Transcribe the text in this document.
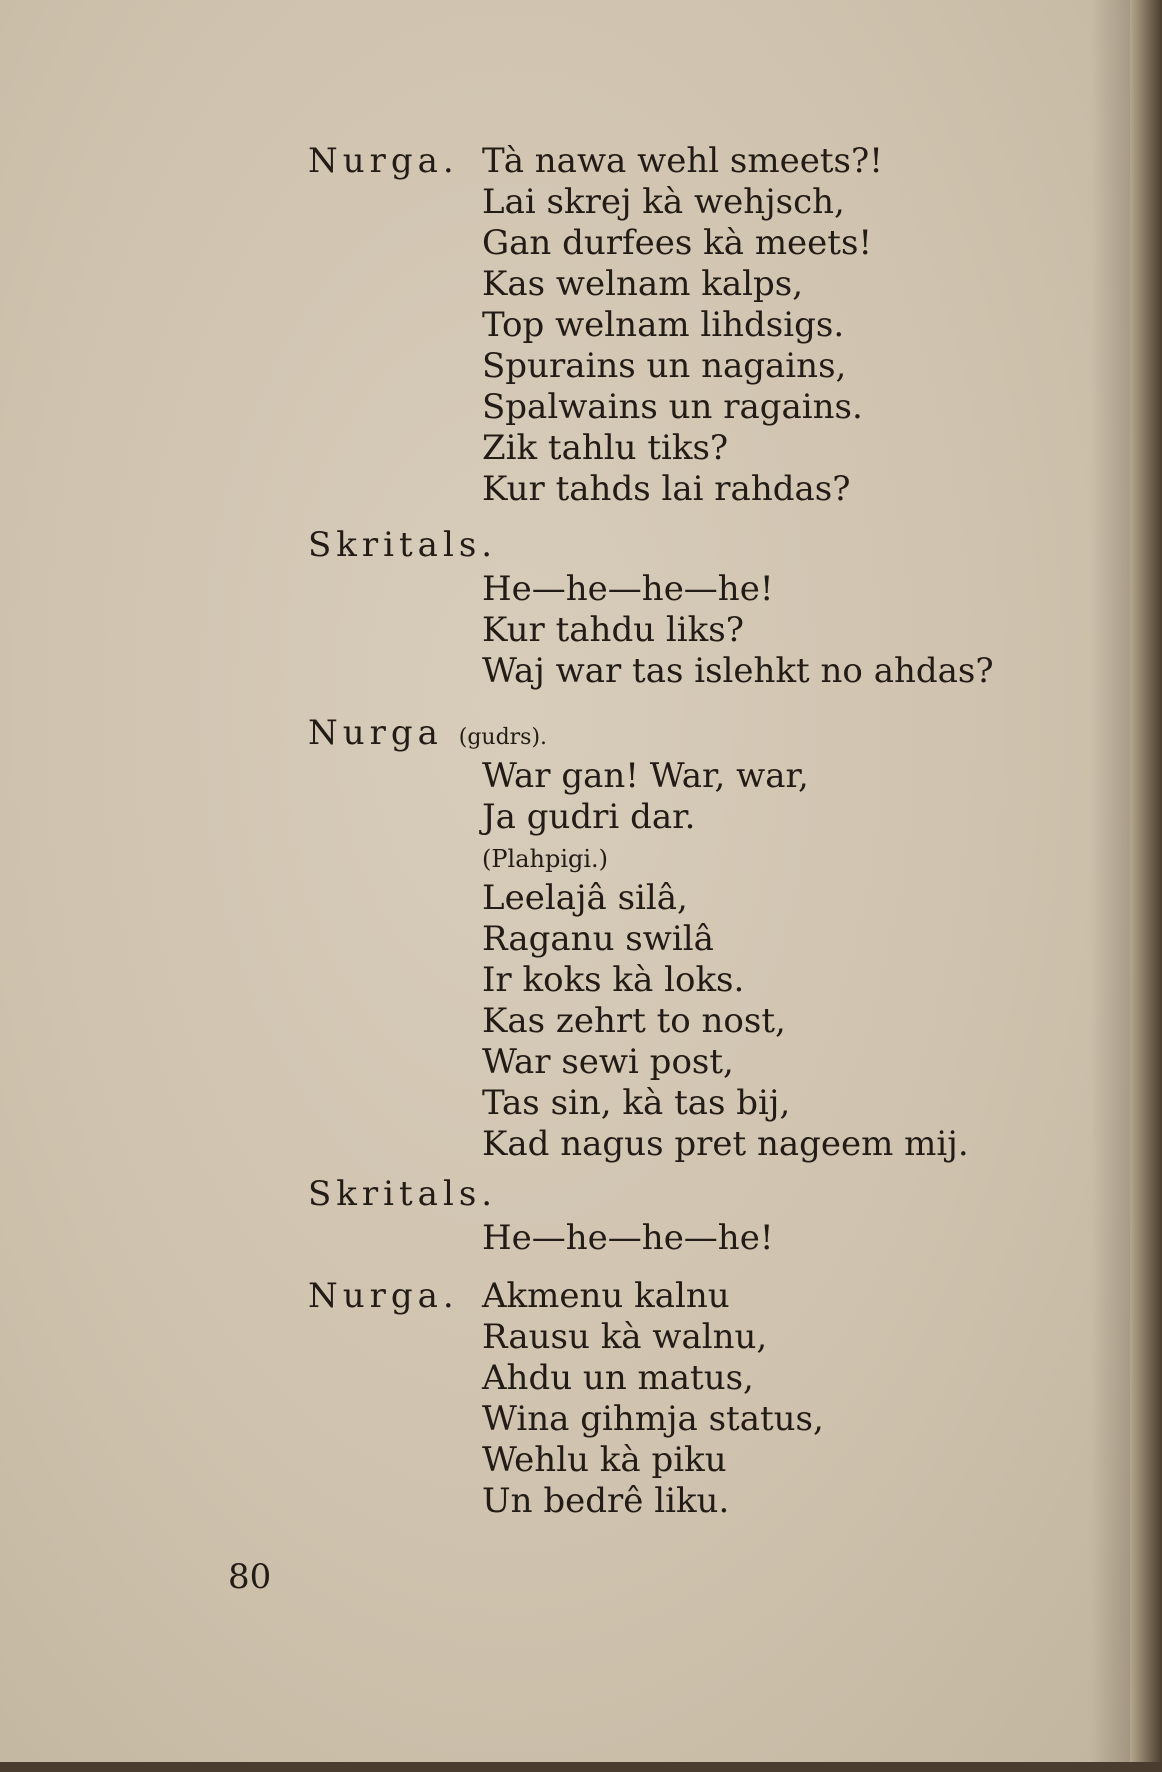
Nurga. Tà nawa wehl smeets?!
Lai skrej kà wehjsch,
Gan durfees kà meets!
Kas welnam kalps,
Top welnam lihdsigs.
Spurains un nagains,
Spalwains un ragains.
Zik tahlu tiks?
Kur tahds lai rahdas?
Skritals.
He—he—he—he!
Kur tahdu liks?
Waj war tas islehkt no ahdas?
Nurga (gudrs).
War gan! War, war,
Ja gudri dar.
(Plahpigi.)
Leelajâ silâ,
Raganu swilâ
Ir koks kà loks.
Kas zehrt to nost,
War sewi post,
Tas sin, kà tas bij,
Kad nagus pret nageem mij.
Skritals.
He—he—he—he!
Nurga. Akmenu kalnu
Rausu kà walnu,
Ahdu un matus,
Wina gihmja status,
Wehlu kà piku
Un bedrê liku.
80
